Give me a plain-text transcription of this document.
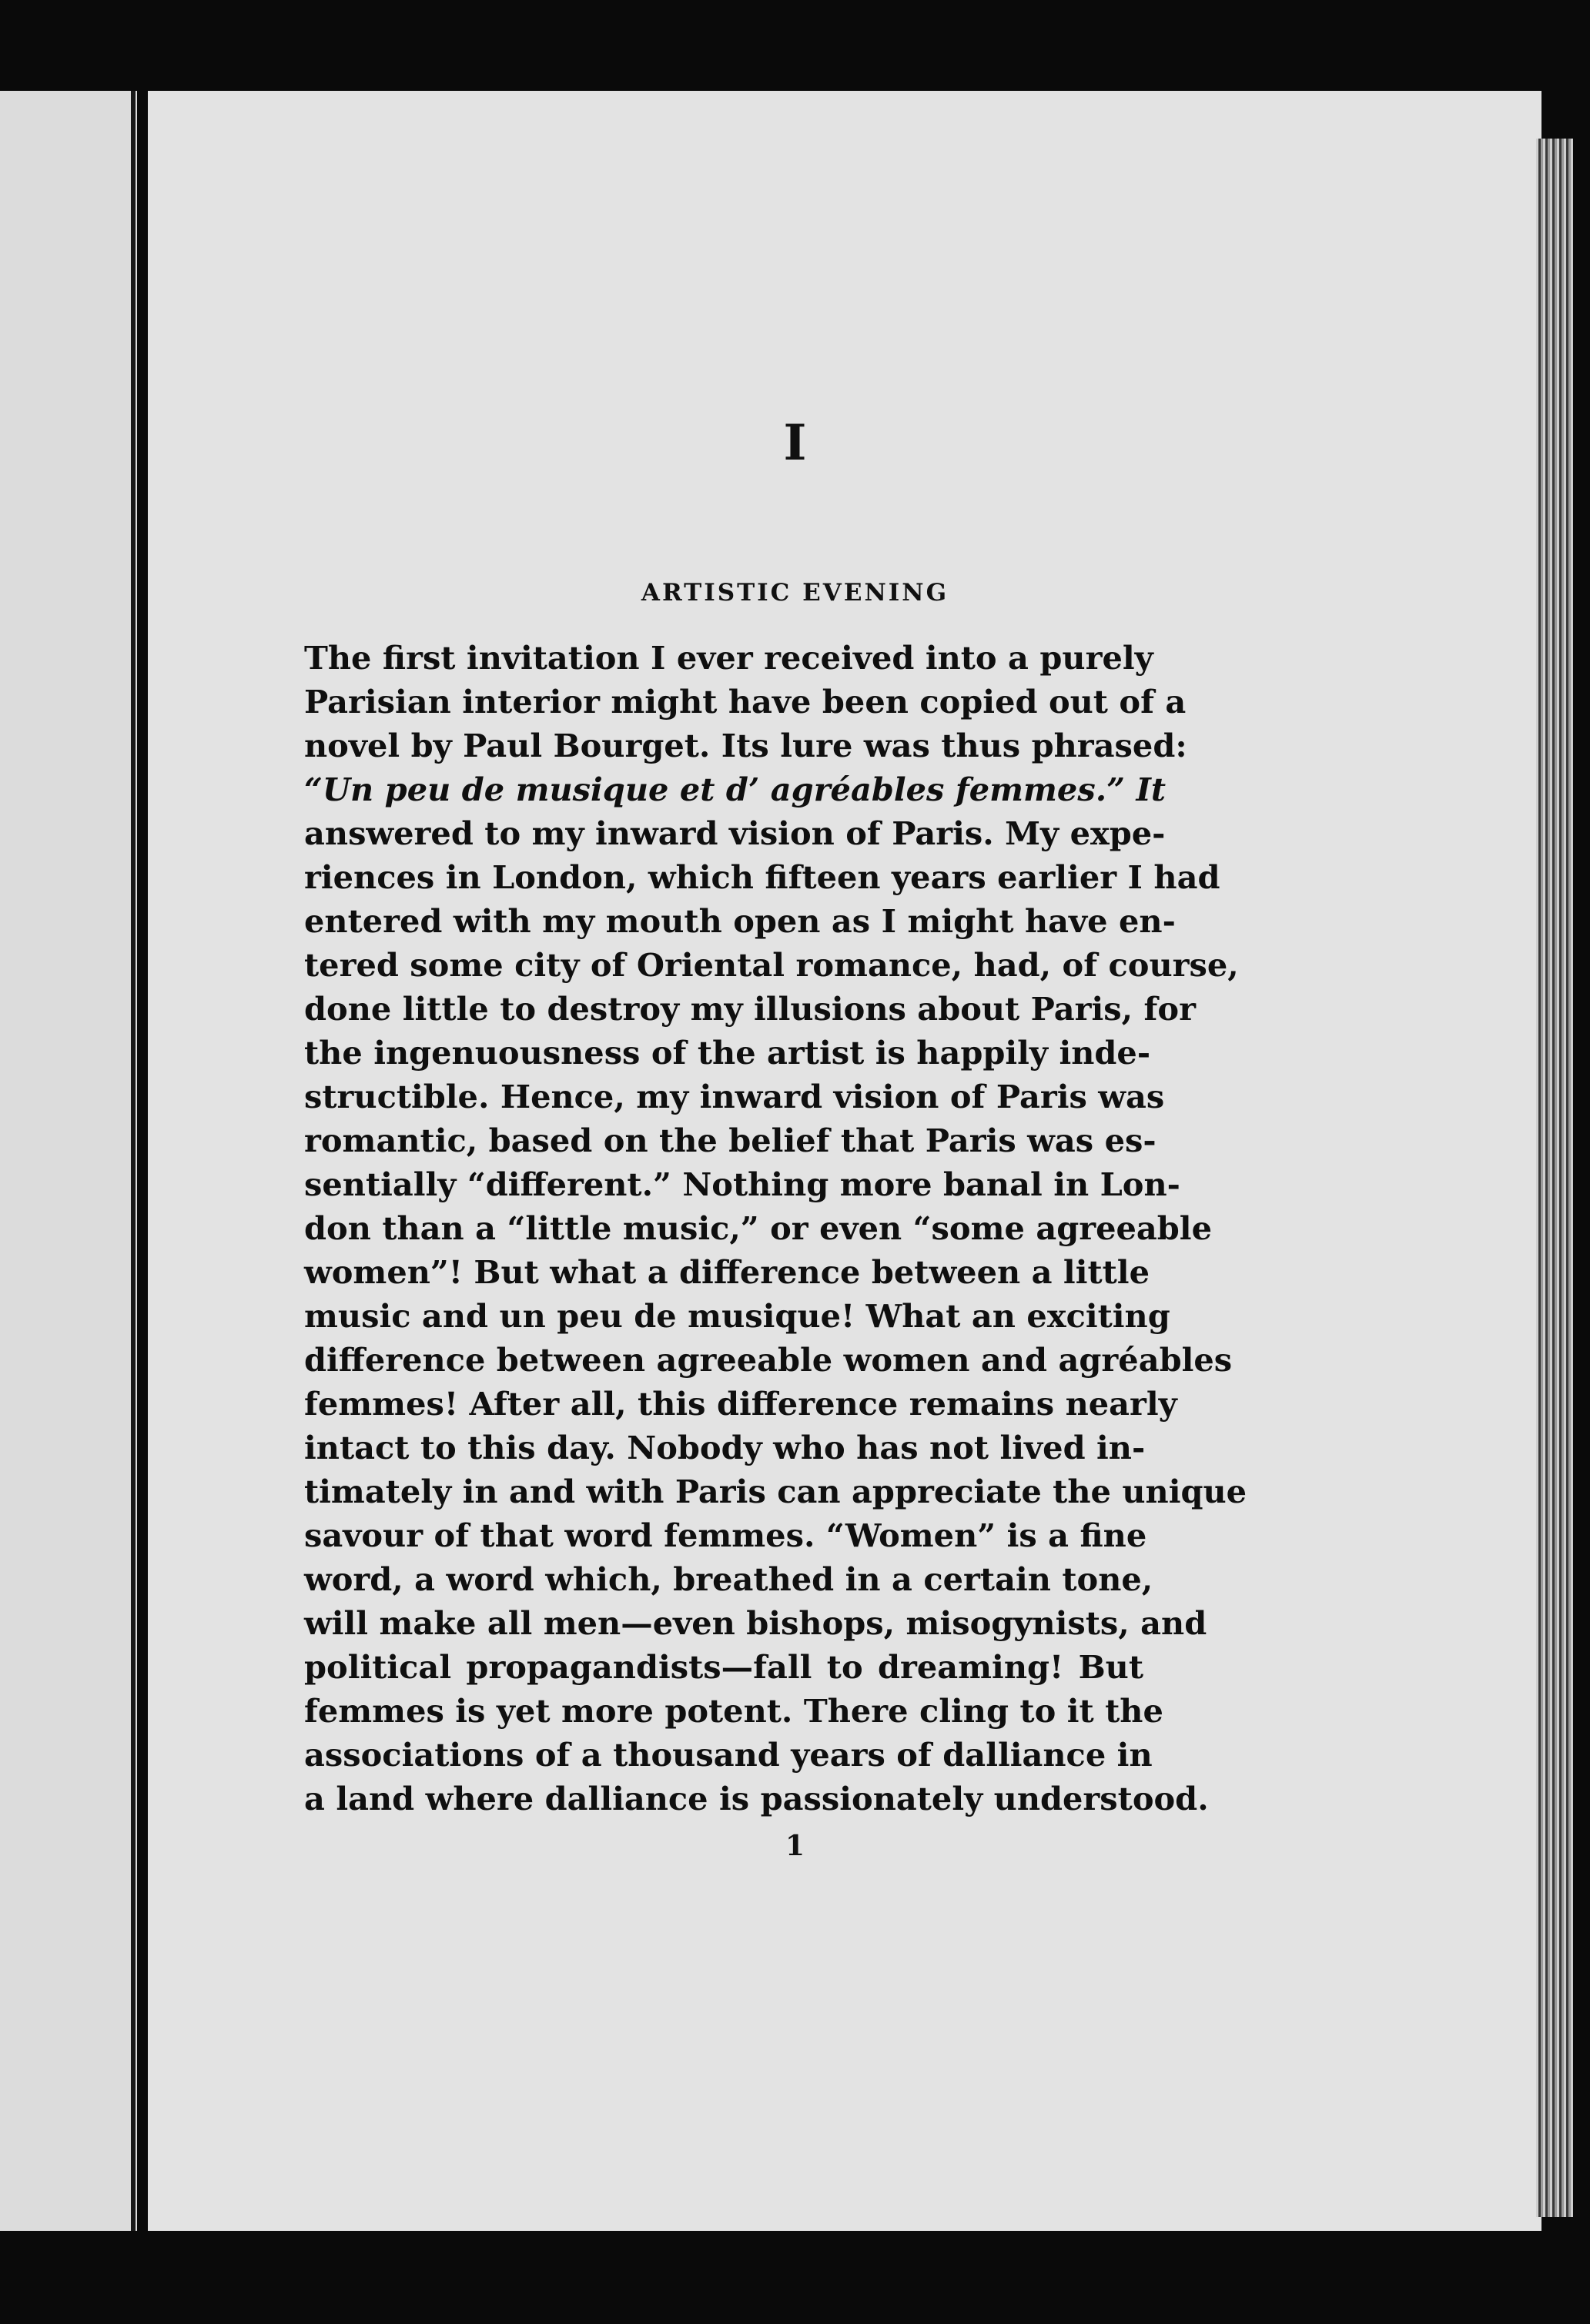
I
ARTISTIC EVENING
The first invitation I ever received into a purely
Parisian interior might have been copied out of a
novel by Paul Bourget. Its lure was thus phrased:
“Un peu de musique et d’ agréables femmes.” It
answered to my inward vision of Paris. My expe-
riences in London, which fifteen years earlier I had
entered with my mouth open as I might have en-
tered some city of Oriental romance, had, of course,
done little to destroy my illusions about Paris, for
the ingenuousness of the artist is happily inde-
structible. Hence, my inward vision of Paris was
romantic, based on the belief that Paris was es-
sentially “different.” Nothing more banal in Lon-
don than a “little music,” or even “some agreeable
women”! But what a difference between a little
music and un peu de musique! What an exciting
difference between agreeable women and agréables
femmes! After all, this difference remains nearly
intact to this day. Nobody who has not lived in-
timately in and with Paris can appreciate the unique
savour of that word femmes. “Women” is a fine
word, a word which, breathed in a certain tone,
will make all men—even bishops, misogynists, and
political propagandists—fall to dreaming! But
femmes is yet more potent. There cling to it the
associations of a thousand years of dalliance in
a land where dalliance is passionately understood.
1
